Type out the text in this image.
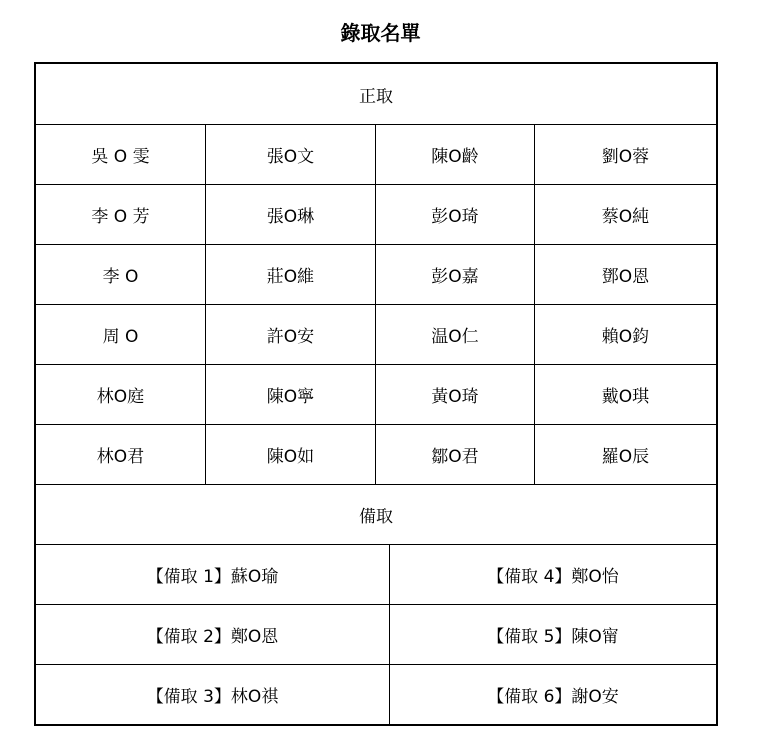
錄取名單
正取
吳 O 雯	張O文	陳O齡	劉O蓉
李 O 芳	張O琳	彭O琦	蔡O純
李 O	莊O維	彭O嘉	鄧O恩
周 O	許O安	温O仁	賴O鈞
林O庭	陳O寧	黃O琦	戴O琪
林O君	陳O如	鄒O君	羅O辰
備取
【備取 1】蘇O瑜	【備取 4】鄭O怡
【備取 2】鄭O恩	【備取 5】陳O甯
【備取 3】林O祺	【備取 6】謝O安
